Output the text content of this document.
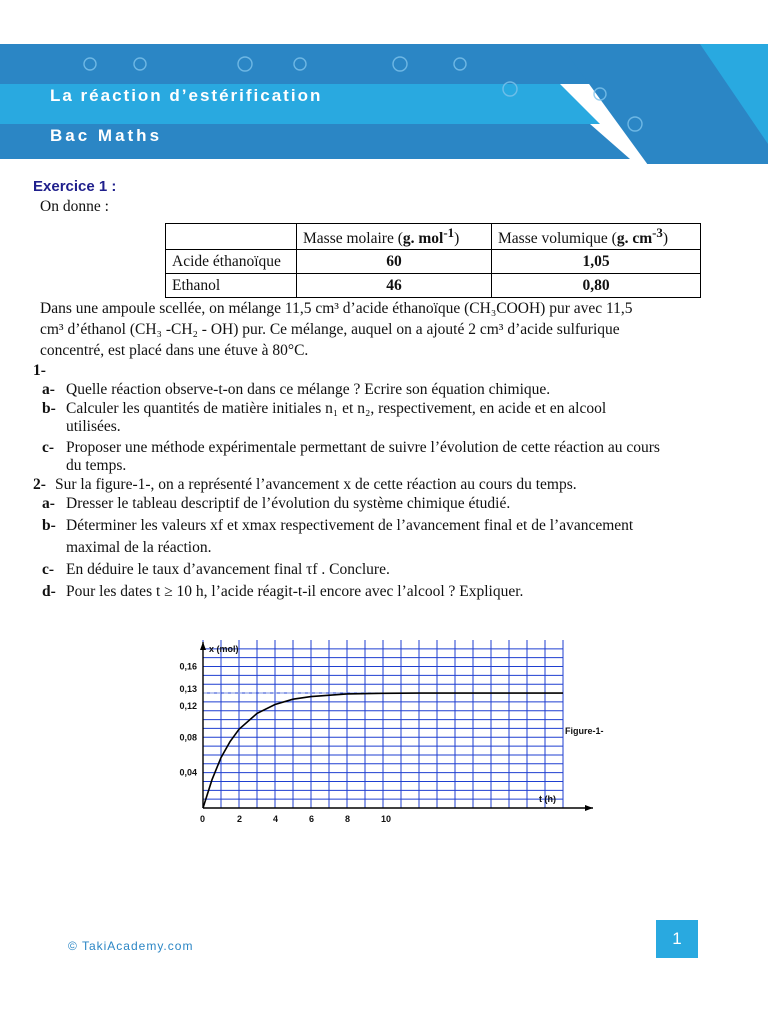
La réaction d’estérification
Bac Maths
Exercice 1 :
On donne :
	Masse molaire (g. mol$^{-1}$)	Masse volumique (g. $cm^{-3}$)
Acide éthanoïque	60	1,05
Ethanol	46	0,80
Dans une ampoule scellée, on mélange 11,5 cm³ d’acide éthanoïque (CH₃COOH) pur avec 11,5
cm³ d’éthanol (CH₃ -CH₂ - OH) pur. Ce mélange, auquel on a ajouté 2 cm³ d’acide sulfurique
concentré, est placé dans une étuve à 80°C.
1-
a- Quelle réaction observe-t-on dans ce mélange ? Ecrire son équation chimique.
b- Calculer les quantités de matière initiales n₁ et n₂, respectivement, en acide et en alcool
utilisées.
c- Proposer une méthode expérimentale permettant de suivre l’évolution de cette réaction au cours
du temps.
2- Sur la figure-1-, on a représenté l’avancement x de cette réaction au cours du temps.
a- Dresser le tableau descriptif de l’évolution du système chimique étudié.
b- Déterminer les valeurs xf et xmax respectivement de l’avancement final et de l’avancement
maximal de la réaction.
c- En déduire le taux d’avancement final τf . Conclure.
d- Pour les dates t ≥ 10 h, l’acide réagit-t-il encore avec l’alcool ? Expliquer.
0	2	4	6	8	10
0,04
0,08
0,12
0,13
0,16
x (mol)
t (h)
Figure-1-
© TakiAcademy.com	1
